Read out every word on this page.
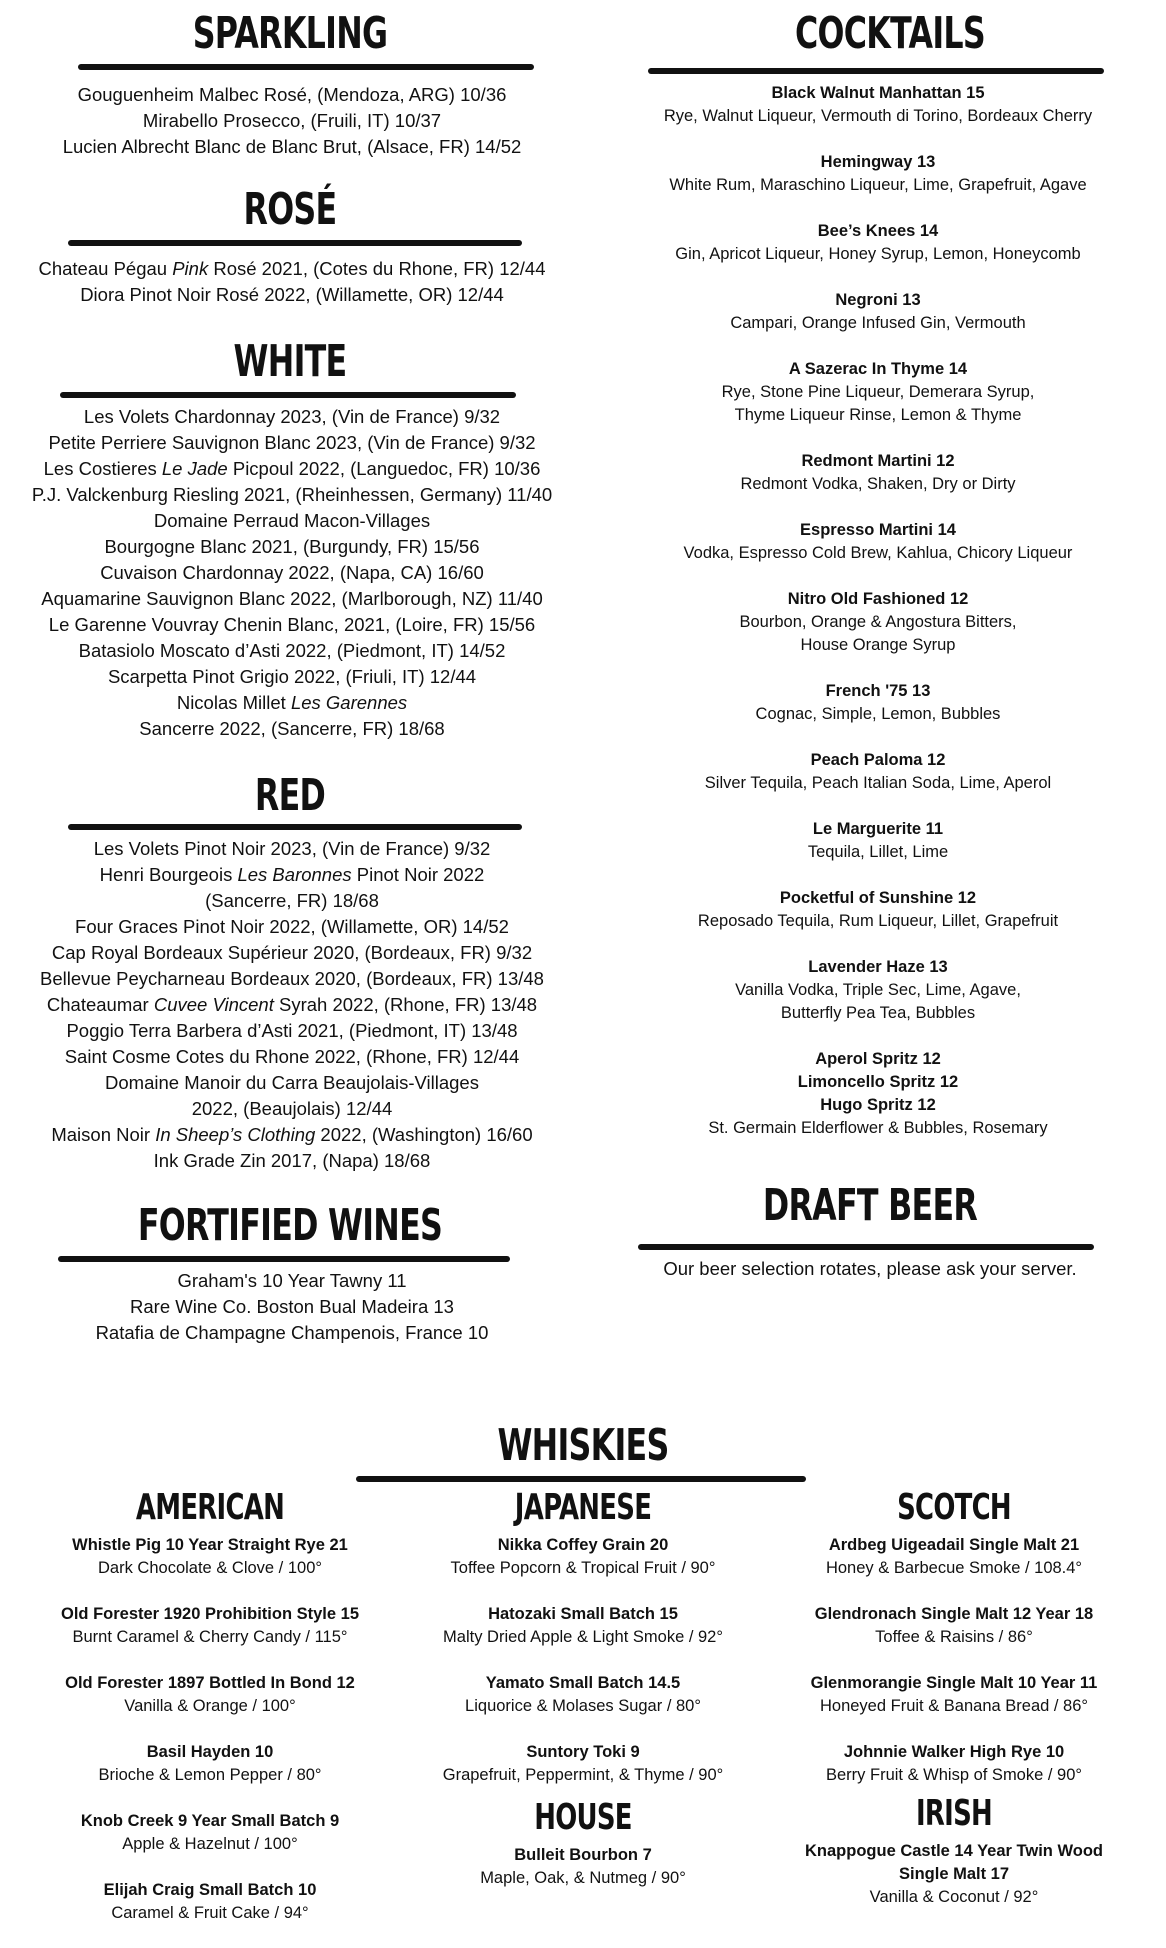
SPARKLING
Gouguenheim Malbec Rosé, (Mendoza, ARG) 10/36
Mirabello Prosecco, (Fruili, IT) 10/37
Lucien Albrecht Blanc de Blanc Brut, (Alsace, FR) 14/52
ROSÉ
Chateau Pégau Pink Rosé 2021, (Cotes du Rhone, FR) 12/44
Diora Pinot Noir Rosé 2022, (Willamette, OR) 12/44
WHITE
Les Volets Chardonnay 2023, (Vin de France) 9/32
Petite Perriere Sauvignon Blanc 2023, (Vin de France) 9/32
Les Costieres Le Jade Picpoul 2022, (Languedoc, FR) 10/36
P.J. Valckenburg Riesling 2021, (Rheinhessen, Germany) 11/40
Domaine Perraud Macon-Villages
Bourgogne Blanc 2021, (Burgundy, FR) 15/56
Cuvaison Chardonnay 2022, (Napa, CA) 16/60
Aquamarine Sauvignon Blanc 2022, (Marlborough, NZ) 11/40
Le Garenne Vouvray Chenin Blanc, 2021, (Loire, FR) 15/56
Batasiolo Moscato d’Asti 2022, (Piedmont, IT) 14/52
Scarpetta Pinot Grigio 2022, (Friuli, IT) 12/44
Nicolas Millet Les Garennes
Sancerre 2022, (Sancerre, FR) 18/68
RED
Les Volets Pinot Noir 2023, (Vin de France) 9/32
Henri Bourgeois Les Baronnes Pinot Noir 2022
(Sancerre, FR) 18/68
Four Graces Pinot Noir 2022, (Willamette, OR) 14/52
Cap Royal Bordeaux Supérieur 2020, (Bordeaux, FR) 9/32
Bellevue Peycharneau Bordeaux 2020, (Bordeaux, FR) 13/48
Chateaumar Cuvee Vincent Syrah 2022, (Rhone, FR) 13/48
Poggio Terra Barbera d’Asti 2021, (Piedmont, IT) 13/48
Saint Cosme Cotes du Rhone 2022, (Rhone, FR) 12/44
Domaine Manoir du Carra Beaujolais-Villages
2022, (Beaujolais) 12/44
Maison Noir In Sheep’s Clothing 2022, (Washington) 16/60
Ink Grade Zin 2017, (Napa) 18/68
FORTIFIED WINES
Graham's 10 Year Tawny 11
Rare Wine Co. Boston Bual Madeira 13
Ratafia de Champagne Champenois, France 10
COCKTAILS
Black Walnut Manhattan 15
Rye, Walnut Liqueur, Vermouth di Torino, Bordeaux Cherry
Hemingway 13
White Rum, Maraschino Liqueur, Lime, Grapefruit, Agave
Bee’s Knees 14
Gin, Apricot Liqueur, Honey Syrup, Lemon, Honeycomb
Negroni 13
Campari, Orange Infused Gin, Vermouth
A Sazerac In Thyme 14
Rye, Stone Pine Liqueur, Demerara Syrup,
Thyme Liqueur Rinse, Lemon & Thyme
Redmont Martini 12
Redmont Vodka, Shaken, Dry or Dirty
Espresso Martini 14
Vodka, Espresso Cold Brew, Kahlua, Chicory Liqueur
Nitro Old Fashioned 12
Bourbon, Orange & Angostura Bitters,
House Orange Syrup
French '75 13
Cognac, Simple, Lemon, Bubbles
Peach Paloma 12
Silver Tequila, Peach Italian Soda, Lime, Aperol
Le Marguerite 11
Tequila, Lillet, Lime
Pocketful of Sunshine 12
Reposado Tequila, Rum Liqueur, Lillet, Grapefruit
Lavender Haze 13
Vanilla Vodka, Triple Sec, Lime, Agave,
Butterfly Pea Tea, Bubbles
Aperol Spritz 12
Limoncello Spritz 12
Hugo Spritz 12
St. Germain Elderflower & Bubbles, Rosemary
DRAFT BEER
Our beer selection rotates, please ask your server.
WHISKIES
AMERICAN
Whistle Pig 10 Year Straight Rye 21
Dark Chocolate & Clove / 100°
Old Forester 1920 Prohibition Style 15
Burnt Caramel & Cherry Candy / 115°
Old Forester 1897 Bottled In Bond 12
Vanilla & Orange / 100°
Basil Hayden 10
Brioche & Lemon Pepper / 80°
Knob Creek 9 Year Small Batch 9
Apple & Hazelnut / 100°
Elijah Craig Small Batch 10
Caramel & Fruit Cake / 94°
JAPANESE
Nikka Coffey Grain 20
Toffee Popcorn & Tropical Fruit / 90°
Hatozaki Small Batch 15
Malty Dried Apple & Light Smoke / 92°
Yamato Small Batch 14.5
Liquorice & Molases Sugar / 80°
Suntory Toki 9
Grapefruit, Peppermint, & Thyme / 90°
HOUSE
Bulleit Bourbon 7
Maple, Oak, & Nutmeg / 90°
SCOTCH
Ardbeg Uigeadail Single Malt 21
Honey & Barbecue Smoke / 108.4°
Glendronach Single Malt 12 Year 18
Toffee & Raisins / 86°
Glenmorangie Single Malt 10 Year 11
Honeyed Fruit & Banana Bread / 86°
Johnnie Walker High Rye 10
Berry Fruit & Whisp of Smoke / 90°
IRISH
Knappogue Castle 14 Year Twin Wood
Single Malt 17
Vanilla & Coconut / 92°
